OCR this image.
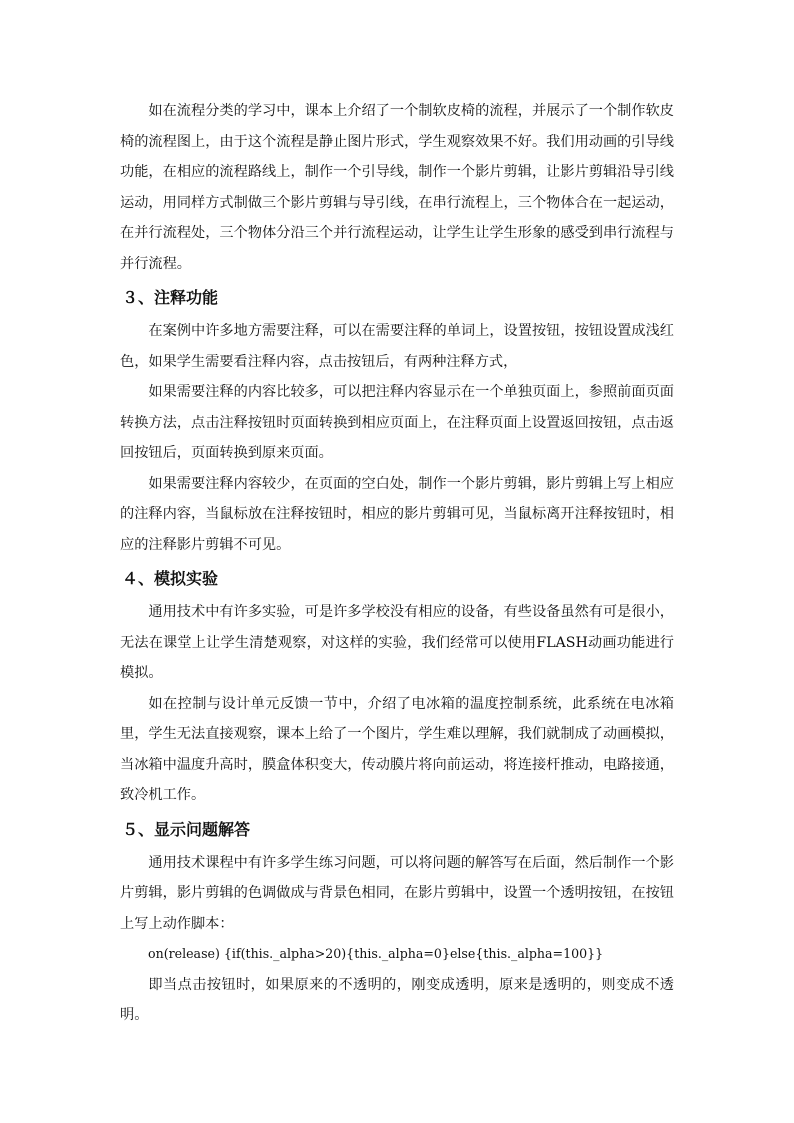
如在流程分类的学习中，课本上介绍了一个制软皮椅的流程，并展示了一个制作软皮椅的流程图上，由于这个流程是静止图片形式，学生观察效果不好。我们用动画的引导线功能，在相应的流程路线上，制作一个引导线，制作一个影片剪辑，让影片剪辑沿导引线运动，用同样方式制做三个影片剪辑与导引线，在串行流程上，三个物体合在一起运动，在并行流程处，三个物体分沿三个并行流程运动，让学生让学生形象的感受到串行流程与并行流程。

３、注释功能

在案例中许多地方需要注释，可以在需要注释的单词上，设置按钮，按钮设置成浅红色，如果学生需要看注释内容，点击按钮后，有两种注释方式，

如果需要注释的内容比较多，可以把注释内容显示在一个单独页面上，参照前面页面转换方法，点击注释按钮时页面转换到相应页面上，在注释页面上设置返回按钮，点击返回按钮后，页面转换到原来页面。

如果需要注释内容较少，在页面的空白处，制作一个影片剪辑，影片剪辑上写上相应的注释内容，当鼠标放在注释按钮时，相应的影片剪辑可见，当鼠标离开注释按钮时，相应的注释影片剪辑不可见。

４、模拟实验

通用技术中有许多实验，可是许多学校没有相应的设备，有些设备虽然有可是很小，无法在课堂上让学生清楚观察，对这样的实验，我们经常可以使用FLASH动画功能进行模拟。

如在控制与设计单元反馈一节中，介绍了电冰箱的温度控制系统，此系统在电冰箱里，学生无法直接观察，课本上给了一个图片，学生难以理解，我们就制成了动画模拟，当冰箱中温度升高时，膜盒体积变大，传动膜片将向前运动，将连接杆推动，电路接通，致冷机工作。

５、显示问题解答

通用技术课程中有许多学生练习问题，可以将问题的解答写在后面，然后制作一个影片剪辑，影片剪辑的色调做成与背景色相同，在影片剪辑中，设置一个透明按钮，在按钮上写上动作脚本：

on(release) {if(this._alpha>20){this._alpha=0}else{this._alpha=100}}

即当点击按钮时，如果原来的不透明的，刚变成透明，原来是透明的，则变成不透明。
